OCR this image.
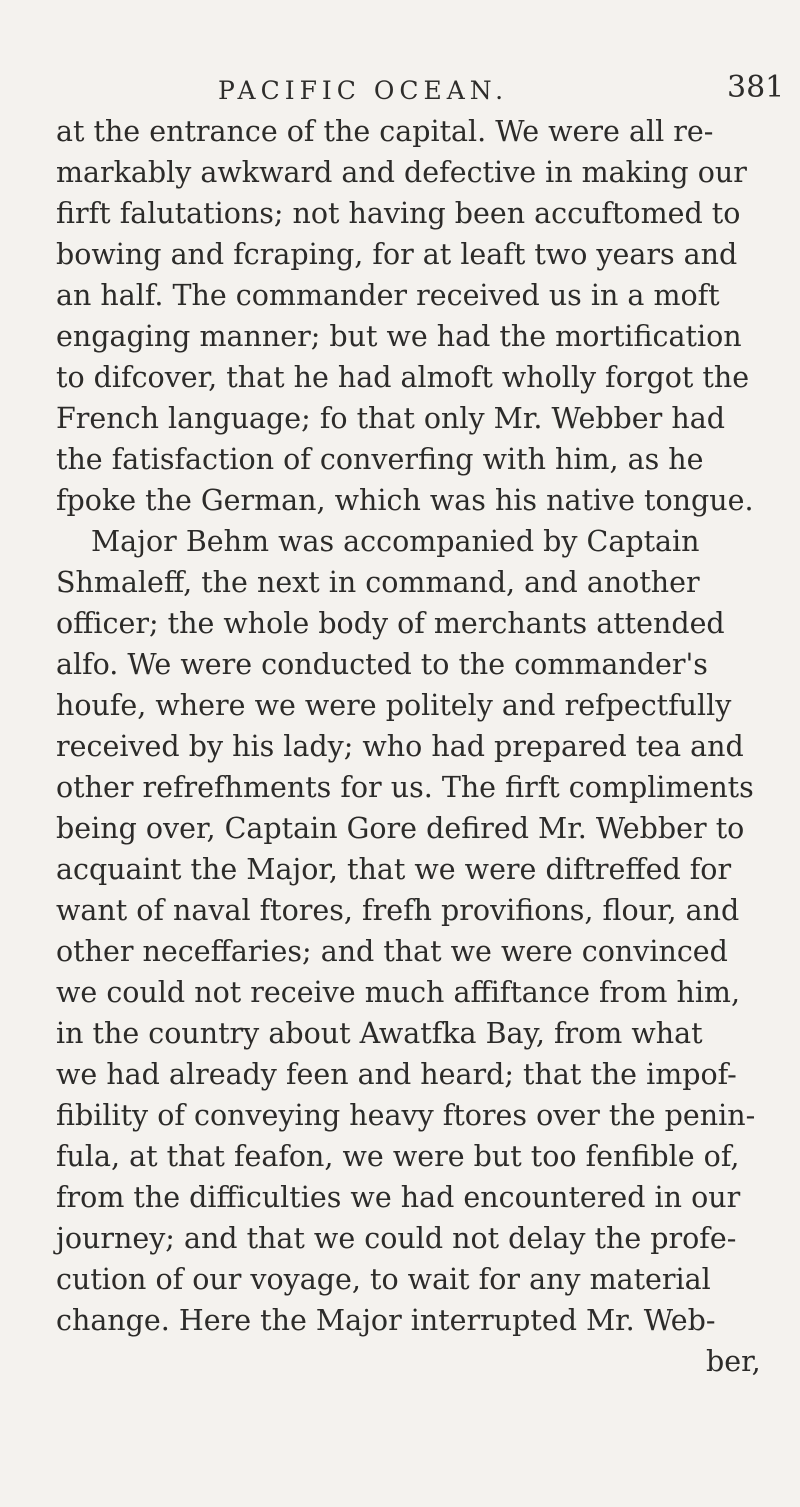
PACIFIC OCEAN.	381
at the entrance of the capital. We were all re-
markably awkward and defective in making our
firft falutations; not having been accuftomed to
bowing and fcraping, for at leaft two years and
an half. The commander received us in a moft
engaging manner; but we had the mortification
to difcover, that he had almoft wholly forgot the
French language; fo that only Mr. Webber had
the fatisfaction of converfing with him, as he
fpoke the German, which was his native tongue.
Major Behm was accompanied by Captain
Shmaleff, the next in command, and another
officer; the whole body of merchants attended
alfo. We were conducted to the commander's
houfe, where we were politely and refpectfully
received by his lady; who had prepared tea and
other refrefhments for us. The firft compliments
being over, Captain Gore defired Mr. Webber to
acquaint the Major, that we were diftreffed for
want of naval ftores, frefh provifions, flour, and
other neceffaries; and that we were convinced
we could not receive much affiftance from him,
in the country about Awatfka Bay, from what
we had already feen and heard; that the impof-
fibility of conveying heavy ftores over the penin-
fula, at that feafon, we were but too fenfible of,
from the difficulties we had encountered in our
journey; and that we could not delay the profe-
cution of our voyage, to wait for any material
change. Here the Major interrupted Mr. Web-
ber,
